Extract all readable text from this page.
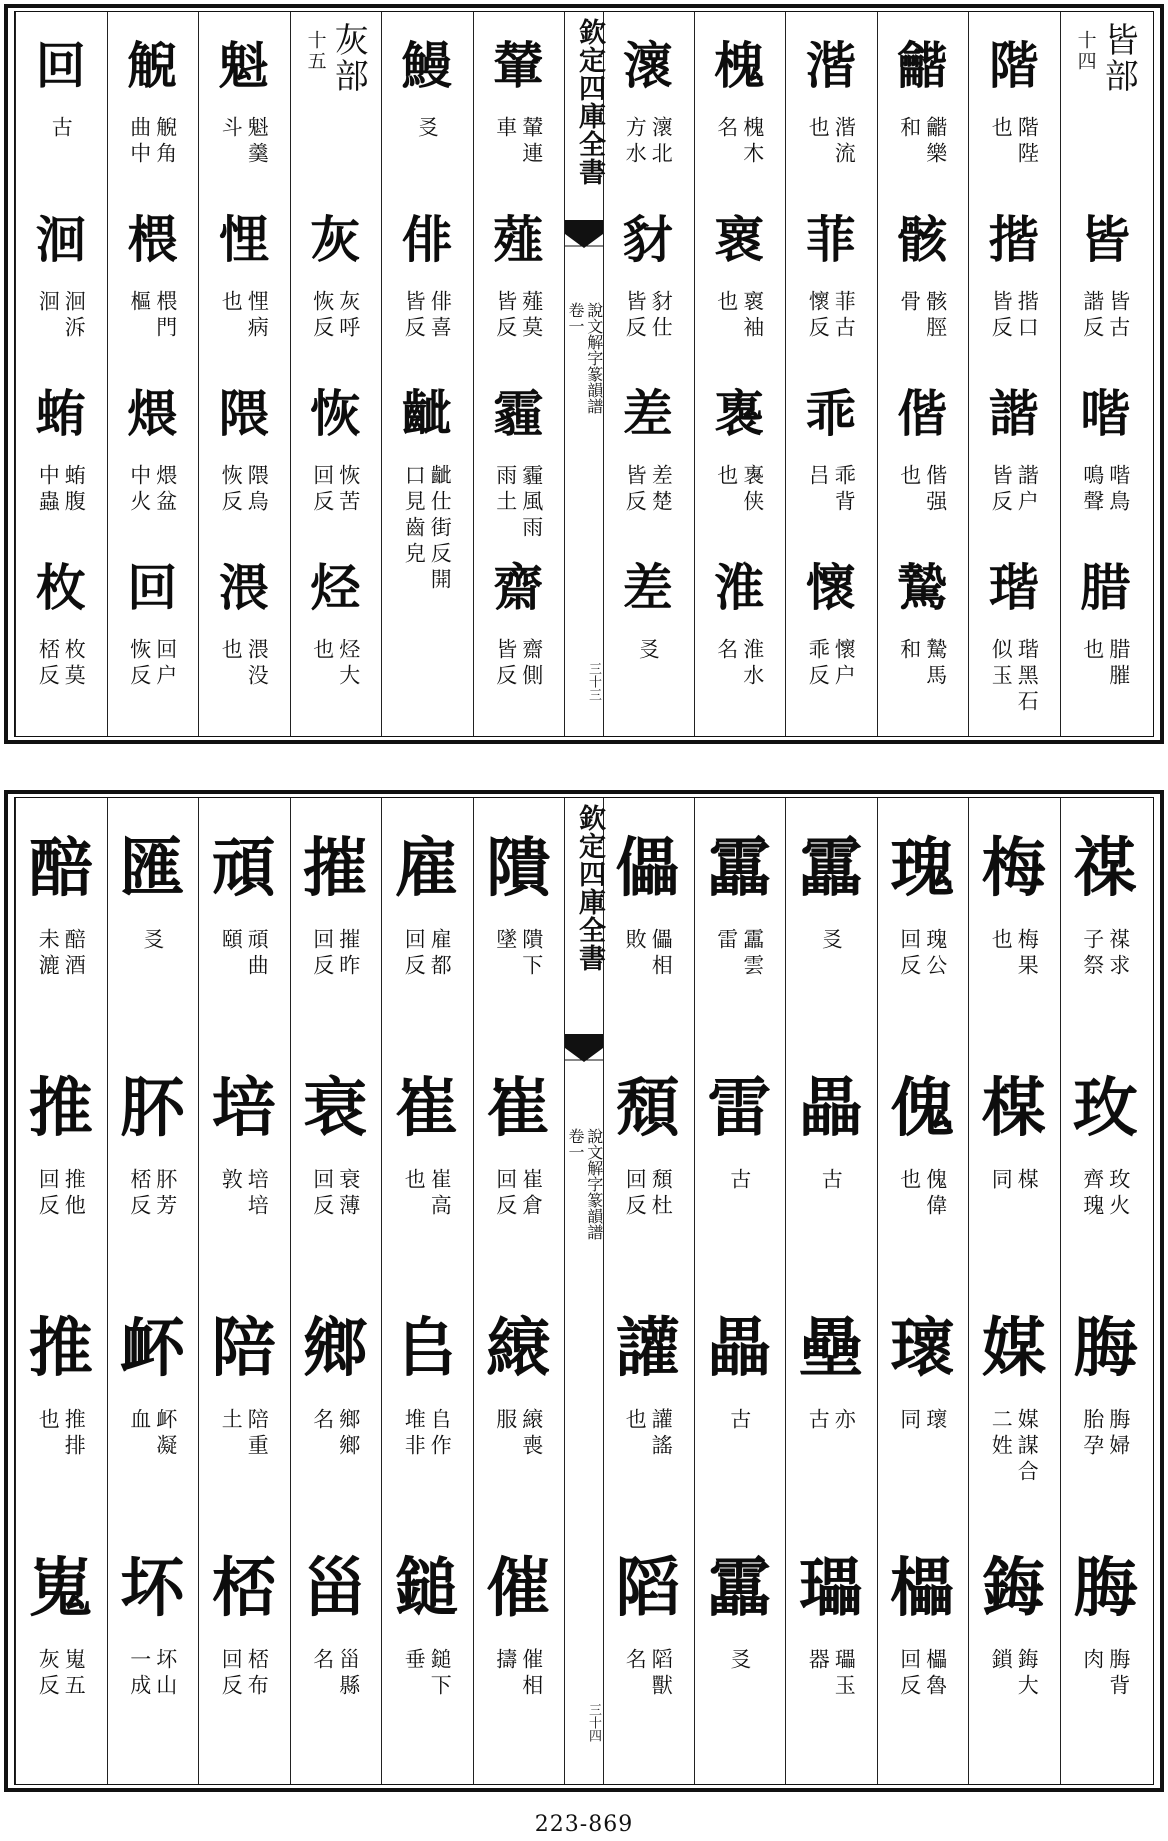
皆部
十四
皆
皆古
諧反
喈
喈鳥
鳴聲
腊
腊膗
也
階
階陛
也
揩
揩口
皆反
諧
諧户
皆反
瑎
瑎黑石
似玉
龤
龤樂
和
骸
骸脛
骨
偕
偕强
也
騺
騺馬
和
湝
湝流
也
菲
菲古
懷反
乖
乖背
吕
懷
懷户
乖反
槐
槐木
名
褱
褱袖
也
褢
褢侠
也
淮
淮水
名
瀤
瀤北
方水
豺
豺仕
皆反
差
差楚
皆反
差
㕛
輦
輦連
車
薤
薤莫
皆反
霾
霾風雨
雨土
齋
齋側
皆反
鰻
㕛
俳
俳喜
皆反
齜
齜仕街反開
口見齒皃
灰部
十五
灰
灰呼
恢反
恢
恢苦
回反
烃
烃大
也
魁
魁羹
斗
悝
悝病
也
隈
隈烏
恢反
渨
渨没
也
觬
觬角
曲中
椳
椳門
樞
煨
煨盆
中火
回
回户
恢反
回
古
洄
洄泝
洄
蛕
蛕腹
中蟲
枚
枚莫
桮反
欽定四庫全書
說文解字篆韻譜
卷一
三十三
禖
禖求
子祭
玫
玫火
齊瑰
脢
脢婦
胎孕
脢
脢背
肉
梅
梅果
也
楳
楳
同
媒
媒謀合
二姓
鋂
鋂大
鎖
瑰
瑰公
回反
傀
傀偉
也
瓌
瓌
同
櫑
櫑魯
回反
靁
㕛
畾
古
壘
亦
古
瓃
瓃玉
器
靁
靁雲
雷
雷
古
畾
古
靁
㕛
儡
儡相
敗
頹
頹杜
回反
讙
讙謠
也
䧟
䧟獸
名
隤
隤下
墜
崔
崔倉
回反
縗
縗喪
服
催
催相
擣
雇
雇都
回反
崔
崔高
也
𠂤
𠂤作
堆非
鎚
鎚下
垂
摧
摧昨
回反
衰
衰薄
回反
鄉
鄉鄉
名
甾
甾縣
名
頑
頑曲
頤
培
培培
敦
陪
陪重
土
桮
桮布
回反
匯
㕛
肧
肧芳
桮反
衃
衃凝
血
坏
坏山
一成
醅
醅酒
未漉
推
推他
回反
推
推排
也
嵬
嵬五
灰反
欽定四庫全書
說文解字篆韻譜
卷一
三十四
223-869
